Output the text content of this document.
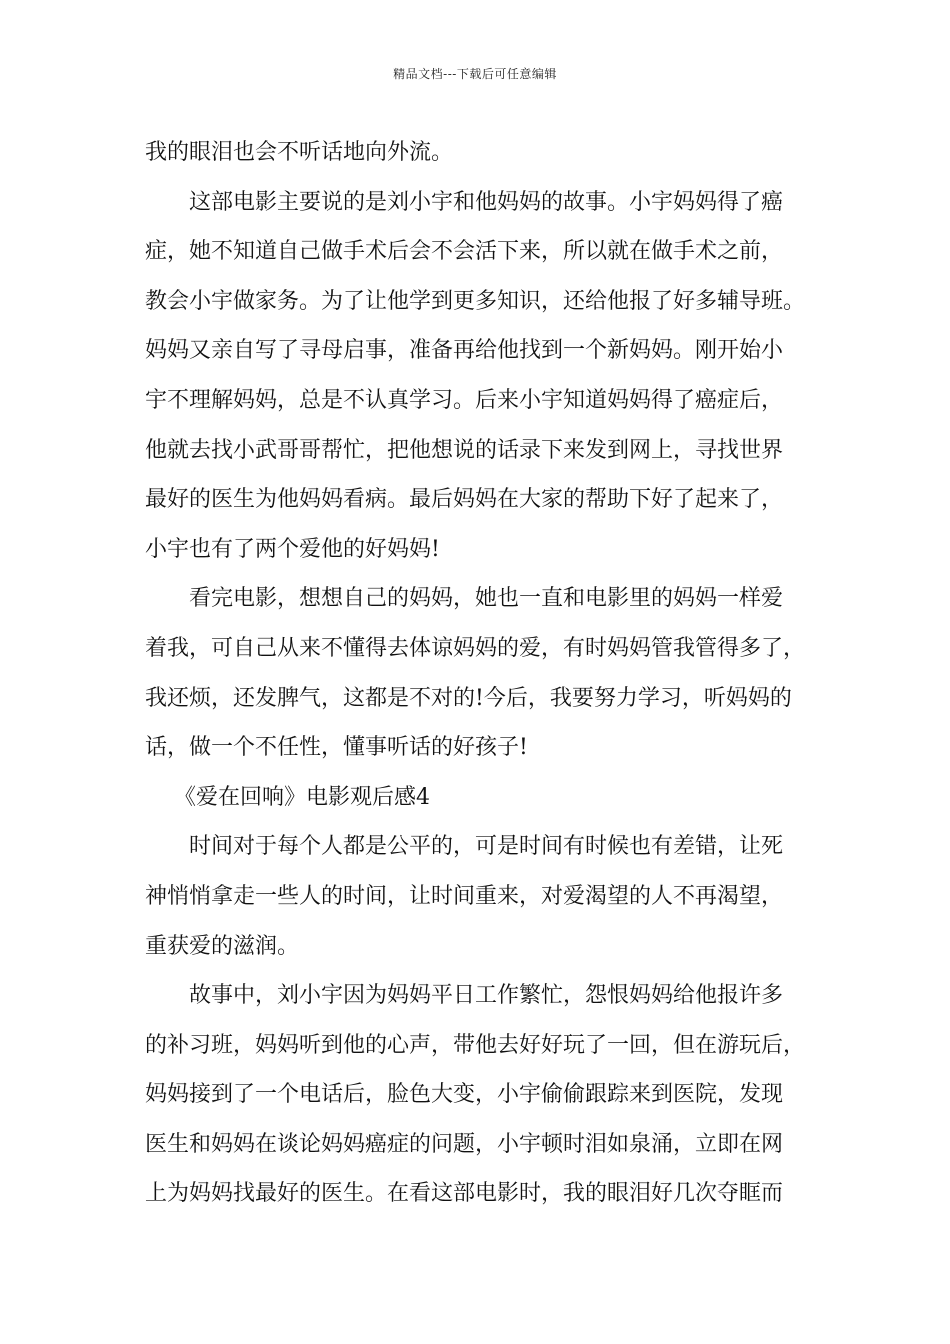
精品文档---下载后可任意编辑
我的眼泪也会不听话地向外流。
这部电影主要说的是刘小宇和他妈妈的故事。小宇妈妈得了癌
症，她不知道自己做手术后会不会活下来，所以就在做手术之前，
教会小宇做家务。为了让他学到更多知识，还给他报了好多辅导班。
妈妈又亲自写了寻母启事，准备再给他找到一个新妈妈。刚开始小
宇不理解妈妈，总是不认真学习。后来小宇知道妈妈得了癌症后，
他就去找小武哥哥帮忙，把他想说的话录下来发到网上，寻找世界
最好的医生为他妈妈看病。最后妈妈在大家的帮助下好了起来了，
小宇也有了两个爱他的好妈妈!
看完电影，想想自己的妈妈，她也一直和电影里的妈妈一样爱
着我，可自己从来不懂得去体谅妈妈的爱，有时妈妈管我管得多了，
我还烦，还发脾气，这都是不对的!今后，我要努力学习，听妈妈的
话，做一个不任性，懂事听话的好孩子!
《爱在回响》电影观后感4
时间对于每个人都是公平的，可是时间有时候也有差错，让死
神悄悄拿走一些人的时间，让时间重来，对爱渴望的人不再渴望，
重获爱的滋润。
故事中，刘小宇因为妈妈平日工作繁忙，怨恨妈妈给他报许多
的补习班，妈妈听到他的心声，带他去好好玩了一回，但在游玩后，
妈妈接到了一个电话后，脸色大变，小宇偷偷跟踪来到医院，发现
医生和妈妈在谈论妈妈癌症的问题，小宇顿时泪如泉涌，立即在网
上为妈妈找最好的医生。在看这部电影时，我的眼泪好几次夺眶而
